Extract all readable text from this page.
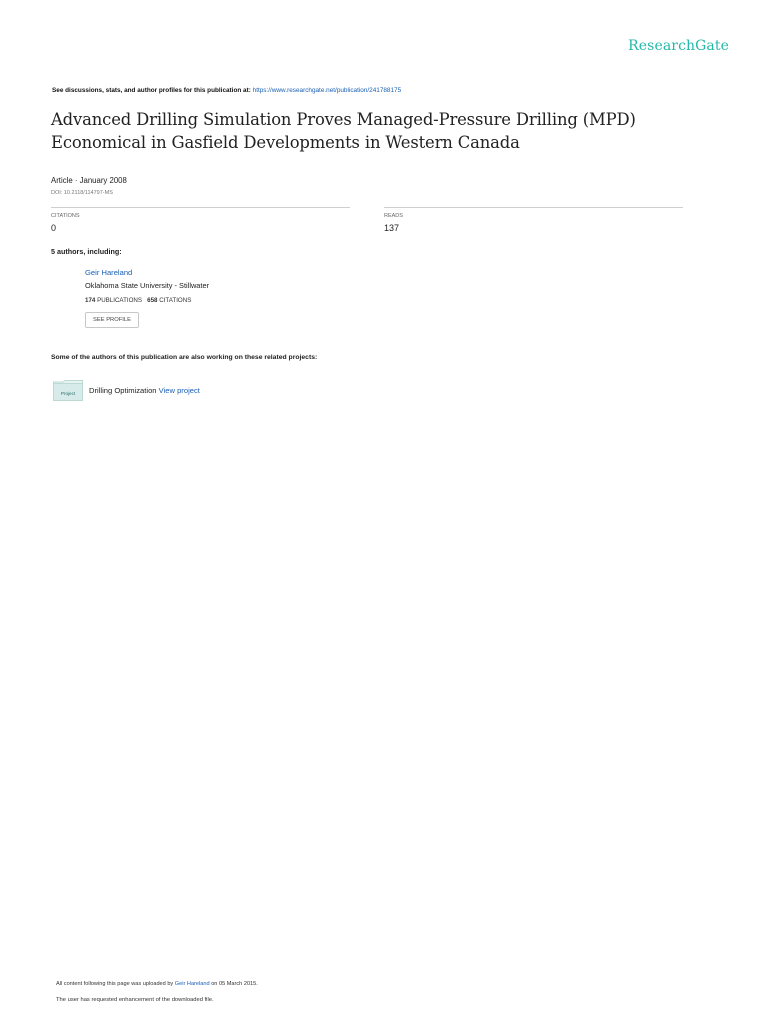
ResearchGate
See discussions, stats, and author profiles for this publication at: https://www.researchgate.net/publication/241788175
Advanced Drilling Simulation Proves Managed-Pressure Drilling (MPD) Economical in Gasfield Developments in Western Canada
Article · January 2008
DOI: 10.2118/114797-MS
CITATIONS
0
READS
137
5 authors, including:
Geir Hareland
Oklahoma State University - Stillwater
174 PUBLICATIONS 658 CITATIONS
SEE PROFILE
Some of the authors of this publication are also working on these related projects:
Project Drilling Optimization View project
All content following this page was uploaded by Geir Hareland on 05 March 2015.
The user has requested enhancement of the downloaded file.
